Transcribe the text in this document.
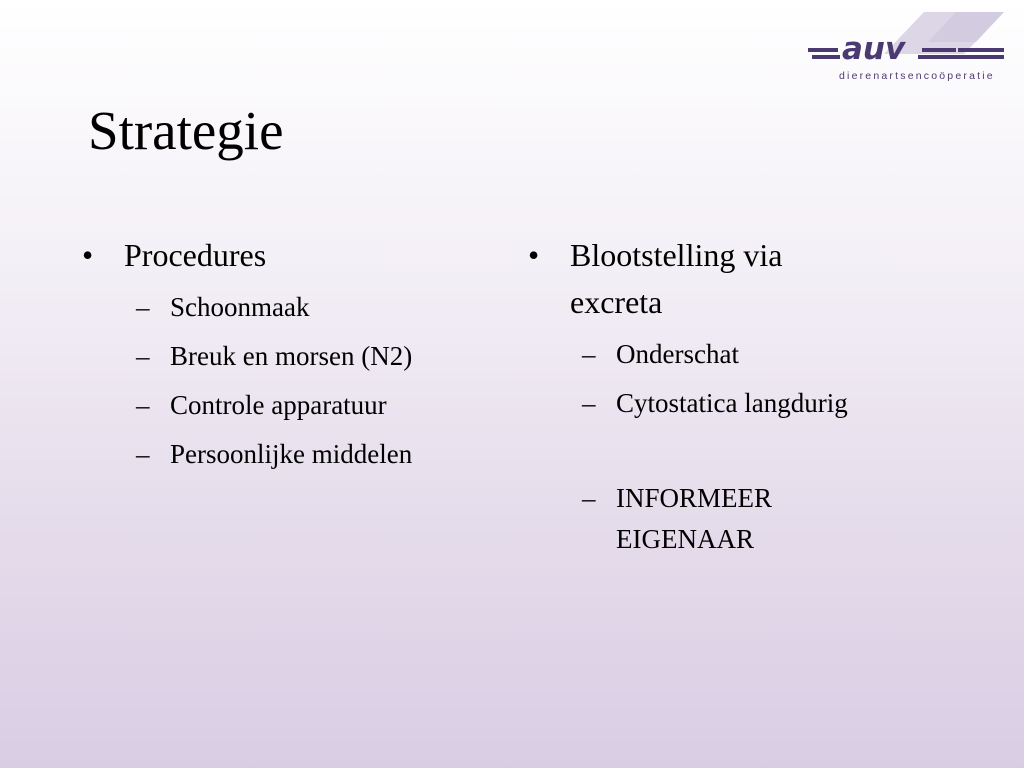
auv
dierenartsencoöperatie
Strategie
• Procedures
– Schoonmaak
– Breuk en morsen (N2)
– Controle apparatuur
– Persoonlijke middelen
• Blootstelling via
excreta
– Onderschat
– Cytostatica langdurig
– INFORMEER
EIGENAAR
